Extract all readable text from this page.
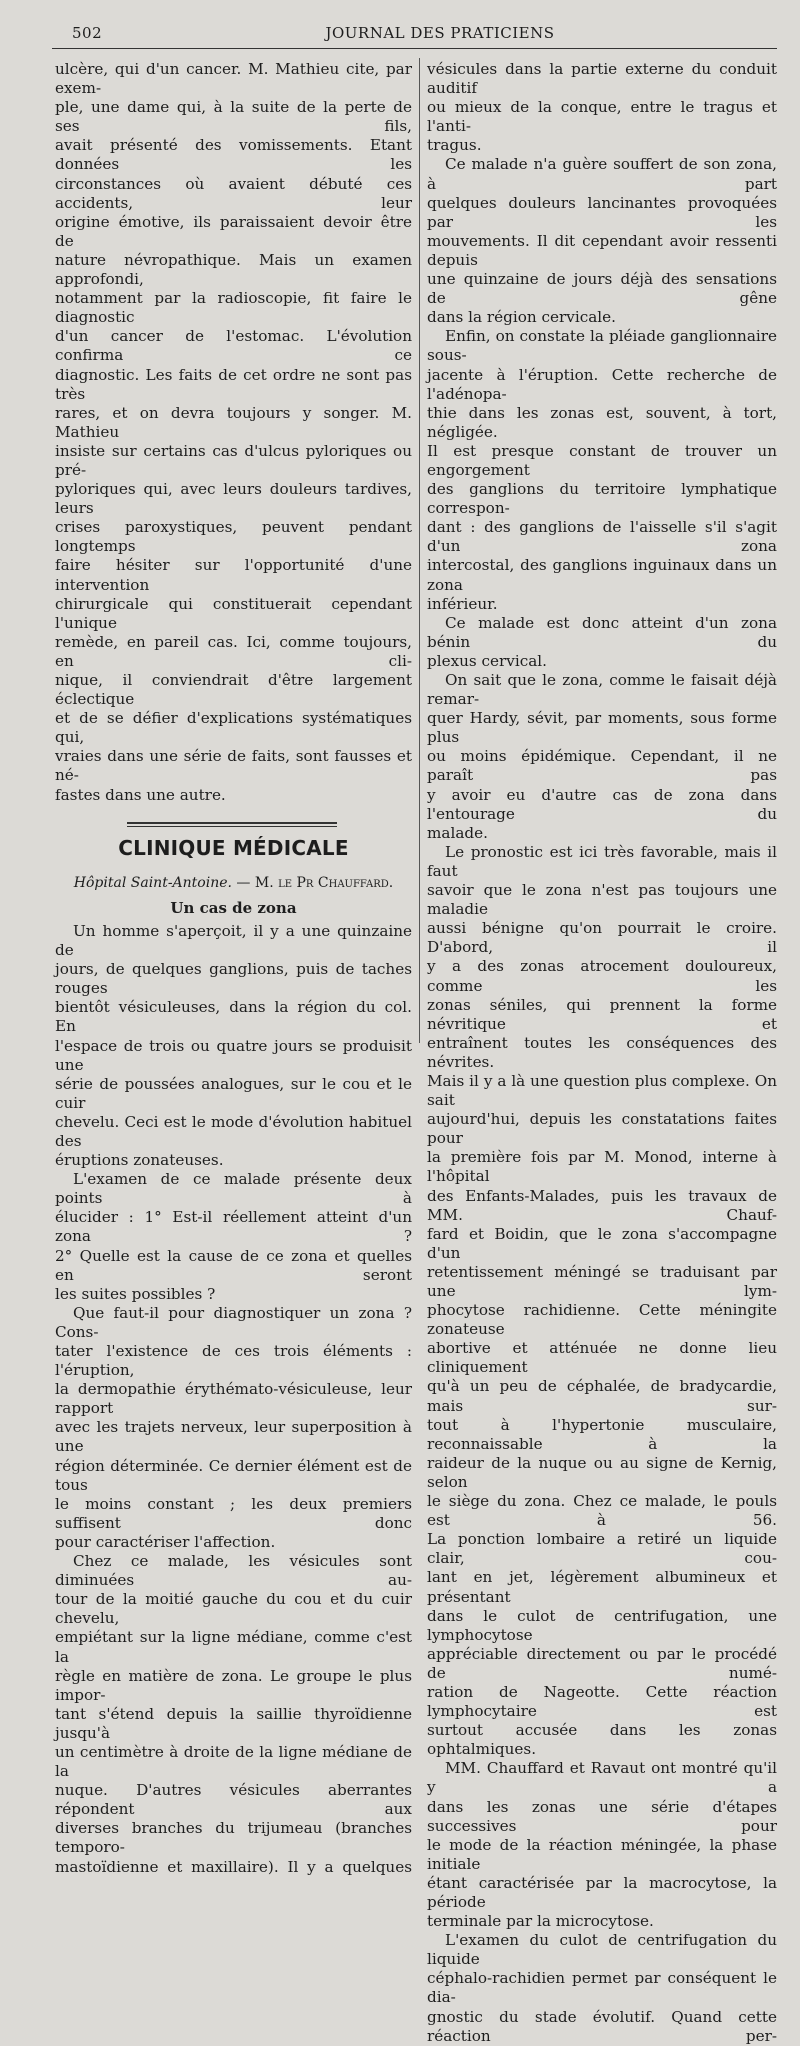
502	JOURNAL DES PRATICIENS

ulcère, qui d'un cancer. M. Mathieu cite, par exem-

ple, une dame qui, à la suite de la perte de ses fils,

avait présenté des vomissements. Etant données les

circonstances où avaient débuté ces accidents, leur

origine émotive, ils paraissaient devoir être de

nature névropathique. Mais un examen approfondi,

notamment par la radioscopie, fit faire le diagnostic

d'un cancer de l'estomac. L'évolution confirma ce

diagnostic. Les faits de cet ordre ne sont pas très

rares, et on devra toujours y songer. M. Mathieu

insiste sur certains cas d'ulcus pyloriques ou pré-

pyloriques qui, avec leurs douleurs tardives, leurs

crises paroxystiques, peuvent pendant longtemps

faire hésiter sur l'opportunité d'une intervention

chirurgicale qui constituerait cependant l'unique

remède, en pareil cas. Ici, comme toujours, en cli-

nique, il conviendrait d'être largement éclectique

et de se défier d'explications systématiques qui,

vraies dans une série de faits, sont fausses et né-

fastes dans une autre.

CLINIQUE MÉDICALE
Hôpital Saint-Antoine. — M. le Pr Chauffard.
Un cas de zona

Un homme s'aperçoit, il y a une quinzaine de

jours, de quelques ganglions, puis de taches rouges

bientôt vésiculeuses, dans la région du col. En

l'espace de trois ou quatre jours se produisit une

série de poussées analogues, sur le cou et le cuir

chevelu. Ceci est le mode d'évolution habituel des

éruptions zonateuses.

L'examen de ce malade présente deux points à

élucider : 1° Est-il réellement atteint d'un zona ?

2° Quelle est la cause de ce zona et quelles en seront

les suites possibles ?

Que faut-il pour diagnostiquer un zona ? Cons-

tater l'existence de ces trois éléments : l'éruption,

la dermopathie érythémato-vésiculeuse, leur rapport

avec les trajets nerveux, leur superposition à une

région déterminée. Ce dernier élément est de tous

le moins constant ; les deux premiers suffisent donc

pour caractériser l'affection.

Chez ce malade, les vésicules sont diminuées au-

tour de la moitié gauche du cou et du cuir chevelu,

empiétant sur la ligne médiane, comme c'est la

règle en matière de zona. Le groupe le plus impor-

tant s'étend depuis la saillie thyroïdienne jusqu'à

un centimètre à droite de la ligne médiane de la

nuque. D'autres vésicules aberrantes répondent aux

diverses branches du trijumeau (branches temporo-

mastoïdienne et maxillaire). Il y a quelques

vésicules dans la partie externe du conduit auditif

ou mieux de la conque, entre le tragus et l'anti-

tragus.

Ce malade n'a guère souffert de son zona, à part

quelques douleurs lancinantes provoquées par les

mouvements. Il dit cependant avoir ressenti depuis

une quinzaine de jours déjà des sensations de gêne

dans la région cervicale.

Enfin, on constate la pléiade ganglionnaire sous-

jacente à l'éruption. Cette recherche de l'adénopa-

thie dans les zonas est, souvent, à tort, négligée.

Il est presque constant de trouver un engorgement

des ganglions du territoire lymphatique correspon-

dant : des ganglions de l'aisselle s'il s'agit d'un zona

intercostal, des ganglions inguinaux dans un zona

inférieur.

Ce malade est donc atteint d'un zona bénin du

plexus cervical.

On sait que le zona, comme le faisait déjà remar-

quer Hardy, sévit, par moments, sous forme plus

ou moins épidémique. Cependant, il ne paraît pas

y avoir eu d'autre cas de zona dans l'entourage du

malade.

Le pronostic est ici très favorable, mais il faut

savoir que le zona n'est pas toujours une maladie

aussi bénigne qu'on pourrait le croire. D'abord, il

y a des zonas atrocement douloureux, comme les

zonas séniles, qui prennent la forme névritique et

entraînent toutes les conséquences des névrites.

Mais il y a là une question plus complexe. On sait

aujourd'hui, depuis les constatations faites pour

la première fois par M. Monod, interne à l'hôpital

des Enfants-Malades, puis les travaux de MM. Chauf-

fard et Boidin, que le zona s'accompagne d'un

retentissement méningé se traduisant par une lym-

phocytose rachidienne. Cette méningite zonateuse

abortive et atténuée ne donne lieu cliniquement

qu'à un peu de céphalée, de bradycardie, mais sur-

tout à l'hypertonie musculaire, reconnaissable à la

raideur de la nuque ou au signe de Kernig, selon

le siège du zona. Chez ce malade, le pouls est à 56.

La ponction lombaire a retiré un liquide clair, cou-

lant en jet, légèrement albumineux et présentant

dans le culot de centrifugation, une lymphocytose

appréciable directement ou par le procédé de numé-

ration de Nageotte. Cette réaction lymphocytaire est

surtout accusée dans les zonas ophtalmiques.

MM. Chauffard et Ravaut ont montré qu'il y a

dans les zonas une série d'étapes successives pour

le mode de la réaction méningée, la phase initiale

étant caractérisée par la macrocytose, la période

terminale par la microcytose.

L'examen du culot de centrifugation du liquide

céphalo-rachidien permet par conséquent le dia-

gnostic du stade évolutif. Quand cette réaction per-
